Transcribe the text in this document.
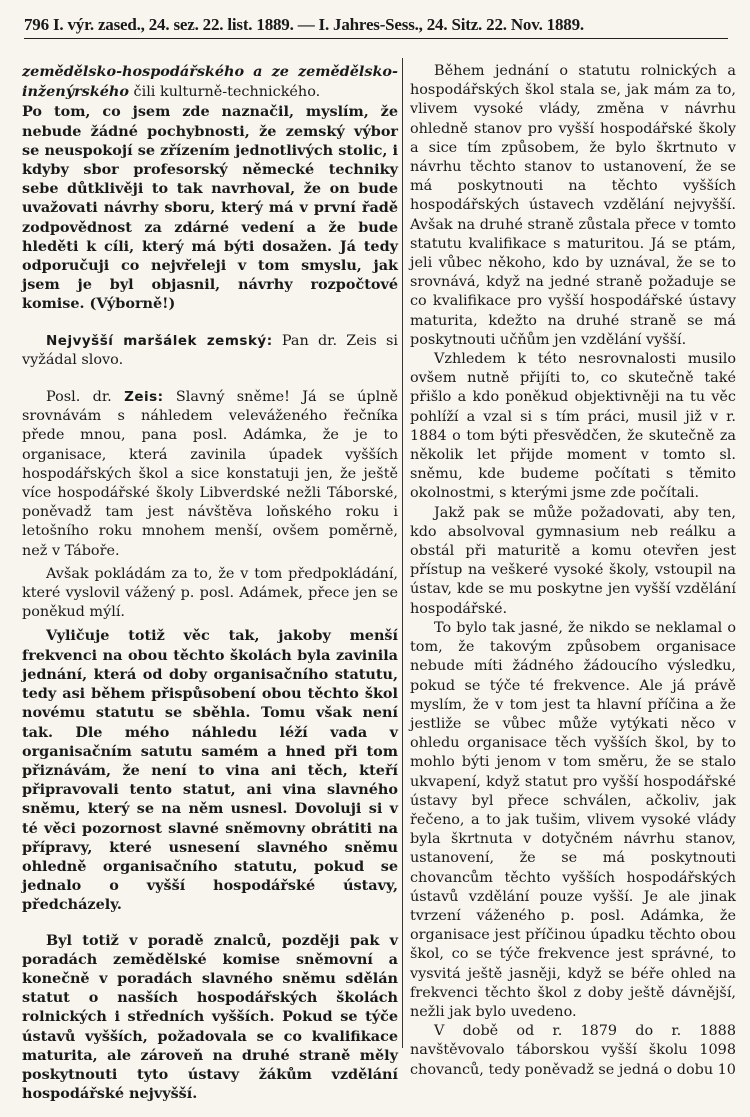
796 I. výr. zased., 24. sez. 22. list. 1889. — I. Jahres-Sess., 24. Sitz. 22. Nov. 1889.

zemědělsko-hospodářského a ze zemědělsko-inženýrského čili kulturně-technického.

Po tom, co jsem zde naznačil, myslím, že nebude žádné pochybnosti, že zemský výbor se neuspokojí se zřízením jednotlivých stolic, i kdyby sbor profesorský německé techniky sebe důtklivěji to tak navrhoval, že on bude uvažovati návrhy sboru, který má v první řadě zodpovědnost za zdárné vedení a že bude hleděti k cíli, který má býti dosažen. Já tedy odporučuji co nejvřeleji v tom smyslu, jak jsem je byl objasnil, návrhy rozpočtové komise. (Výborně!)

Nejvyšší maršálek zemský: Pan dr. Zeis si vyžádal slovo.

Posl. dr. Zeis: Slavný sněme! Já se úplně srovnávám s náhledem veleváženého řečníka přede mnou, pana posl. Adámka, že je to organisace, která zavinila úpadek vyšších hospodářských škol a sice konstatuji jen, že ještě více hospodářské školy Libverdské nežli Táborské, poněvadž tam jest návštěva loňského roku i letošního roku mnohem menší, ovšem poměrně, než v Táboře.

Avšak pokládám za to, že v tom předpokládání, které vyslovil vážený p. posl. Adámek, přece jen se poněkud mýlí.

Vyličuje totiž věc tak, jakoby menší frekvenci na obou těchto školách byla zavinila jednání, která od doby organisačního statutu, tedy asi během přispůsobení obou těchto škol novému statutu se sběhla. Tomu však není tak. Dle mého náhledu léží vada v organisačním satutu samém a hned při tom přiznávám, že není to vina ani těch, kteří připravovali tento statut, ani vina slavného sněmu, který se na něm usnesl. Dovoluji si v té věci pozornost slavné sněmovny obrátiti na přípravy, které usnesení slavného sněmu ohledně organisačního statutu, pokud se jednalo o vyšší hospodářské ústavy, předcházely.

Byl totiž v poradě znalců, později pak v poradách zemědělské komise sněmovní a konečně v poradách slavného sněmu sdělán statut o nasších hospodářských školách rolnických i středních vyšších. Pokud se týče ústavů vyšších, požadovala se co kvalifikace maturita, ale zároveň na druhé straně měly poskytnouti tyto ústavy žákům vzdělání hospodářské nejvyšší.

Během jednání o statutu rolnických a hospodářských škol stala se, jak mám za to, vlivem vysoké vlády, změna v návrhu ohledně stanov pro vyšší hospodářské školy a sice tím způsobem, že bylo škrtnuto v návrhu těchto stanov to ustanovení, že se má poskytnouti na těchto vyšších hospodářských ústavech vzdělání nejvyšší. Avšak na druhé straně zůstala přece v tomto statutu kvalifikace s maturitou. Já se ptám, jeli vůbec někoho, kdo by uznával, že se to srovnává, když na jedné straně požaduje se co kvalifikace pro vyšší hospodářské ústavy maturita, kdežto na druhé straně se má poskytnouti učňům jen vzdělání vyšší.

Vzhledem k této nesrovnalosti musilo ovšem nutně přijíti to, co skutečně také přišlo a kdo poněkud objektivněji na tu věc pohlíží a vzal si s tím práci, musil již v r. 1884 o tom býti přesvědčen, že skutečně za několik let přijde moment v tomto sl. sněmu, kde budeme počítati s těmito okolnostmi, s kterými jsme zde počítali.

Jakž pak se může požadovati, aby ten, kdo absolvoval gymnasium neb reálku a obstál při maturitě a komu otevřen jest přístup na veškeré vysoké školy, vstoupil na ústav, kde se mu poskytne jen vyšší vzdělání hospodářské.

To bylo tak jasné, že nikdo se neklamal o tom, že takovým způsobem organisace nebude míti žádného žádoucího výsledku, pokud se týče té frekvence. Ale já právě myslím, že v tom jest ta hlavní příčina a že jestliže se vůbec může vytýkati něco v ohledu organisace těch vyšších škol, by to mohlo býti jenom v tom směru, že se stalo ukvapení, když statut pro vyšší hospodářské ústavy byl přece schválen, ačkoliv, jak řečeno, a to jak tušim, vlivem vysoké vlády byla škrtnuta v dotyčném návrhu stanov, ustanovení, že se má poskytnouti chovancům těchto vyšších hospodářských ústavů vzdělání pouze vyšší. Je ale jinak tvrzení váženého p. posl. Adámka, že organisace jest příčinou úpadku těchto obou škol, co se týče frekvence jest správné, to vysvitá ještě jasněji, když se béře ohled na frekvenci těchto škol z doby ještě dávnější, nežli jak bylo uvedeno.

V době od r. 1879 do r. 1888 navštěvovalo táborskou vyšší školu 1098 chovanců, tedy poněvadž se jedná o dobu 10
